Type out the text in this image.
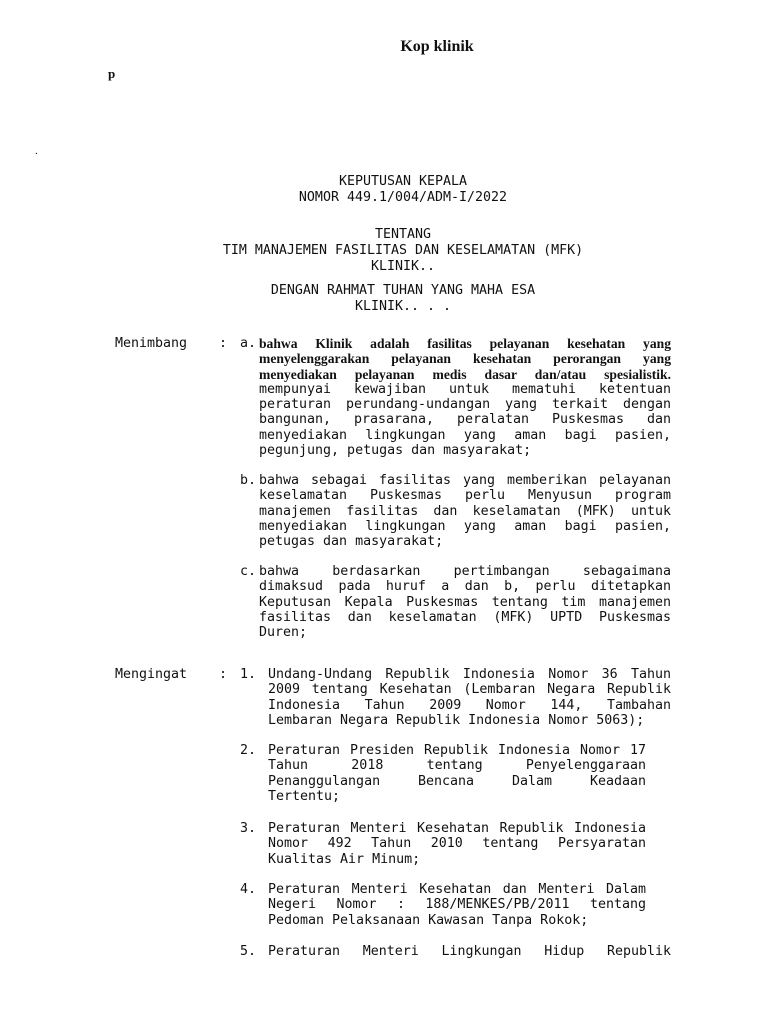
Kop klinik
p
.
KEPUTUSAN KEPALA
NOMOR 449.1/004/ADM-I/2022
TENTANG
TIM MANAJEMEN FASILITAS DAN KESELAMATAN (MFK)
KLINIK..
DENGAN RAHMAT TUHAN YANG MAHA ESA
KLINIK.. . .
Menimbang : a. bahwa Klinik adalah fasilitas pelayanan kesehatan yang
menyelenggarakan pelayanan kesehatan perorangan yang
menyediakan pelayanan medis dasar dan/atau spesialistik.
mempunyai kewajiban untuk mematuhi ketentuan
peraturan perundang-undangan yang terkait dengan
bangunan, prasarana, peralatan Puskesmas dan
menyediakan lingkungan yang aman bagi pasien,
pegunjung, petugas dan masyarakat;
b. bahwa sebagai fasilitas yang memberikan pelayanan
keselamatan Puskesmas perlu Menyusun program
manajemen fasilitas dan keselamatan (MFK) untuk
menyediakan lingkungan yang aman bagi pasien,
petugas dan masyarakat;
c. bahwa berdasarkan pertimbangan sebagaimana
dimaksud pada huruf a dan b, perlu ditetapkan
Keputusan Kepala Puskesmas tentang tim manajemen
fasilitas dan keselamatan (MFK) UPTD Puskesmas
Duren;
Mengingat : 1. Undang-Undang Republik Indonesia Nomor 36 Tahun
2009 tentang Kesehatan (Lembaran Negara Republik
Indonesia Tahun 2009 Nomor 144, Tambahan
Lembaran Negara Republik Indonesia Nomor 5063);
2. Peraturan Presiden Republik Indonesia Nomor 17
Tahun 2018 tentang Penyelenggaraan
Penanggulangan Bencana Dalam Keadaan
Tertentu;
3. Peraturan Menteri Kesehatan Republik Indonesia
Nomor 492 Tahun 2010 tentang Persyaratan
Kualitas Air Minum;
4. Peraturan Menteri Kesehatan dan Menteri Dalam
Negeri Nomor : 188/MENKES/PB/2011 tentang
Pedoman Pelaksanaan Kawasan Tanpa Rokok;
5. Peraturan Menteri Lingkungan Hidup Republik
